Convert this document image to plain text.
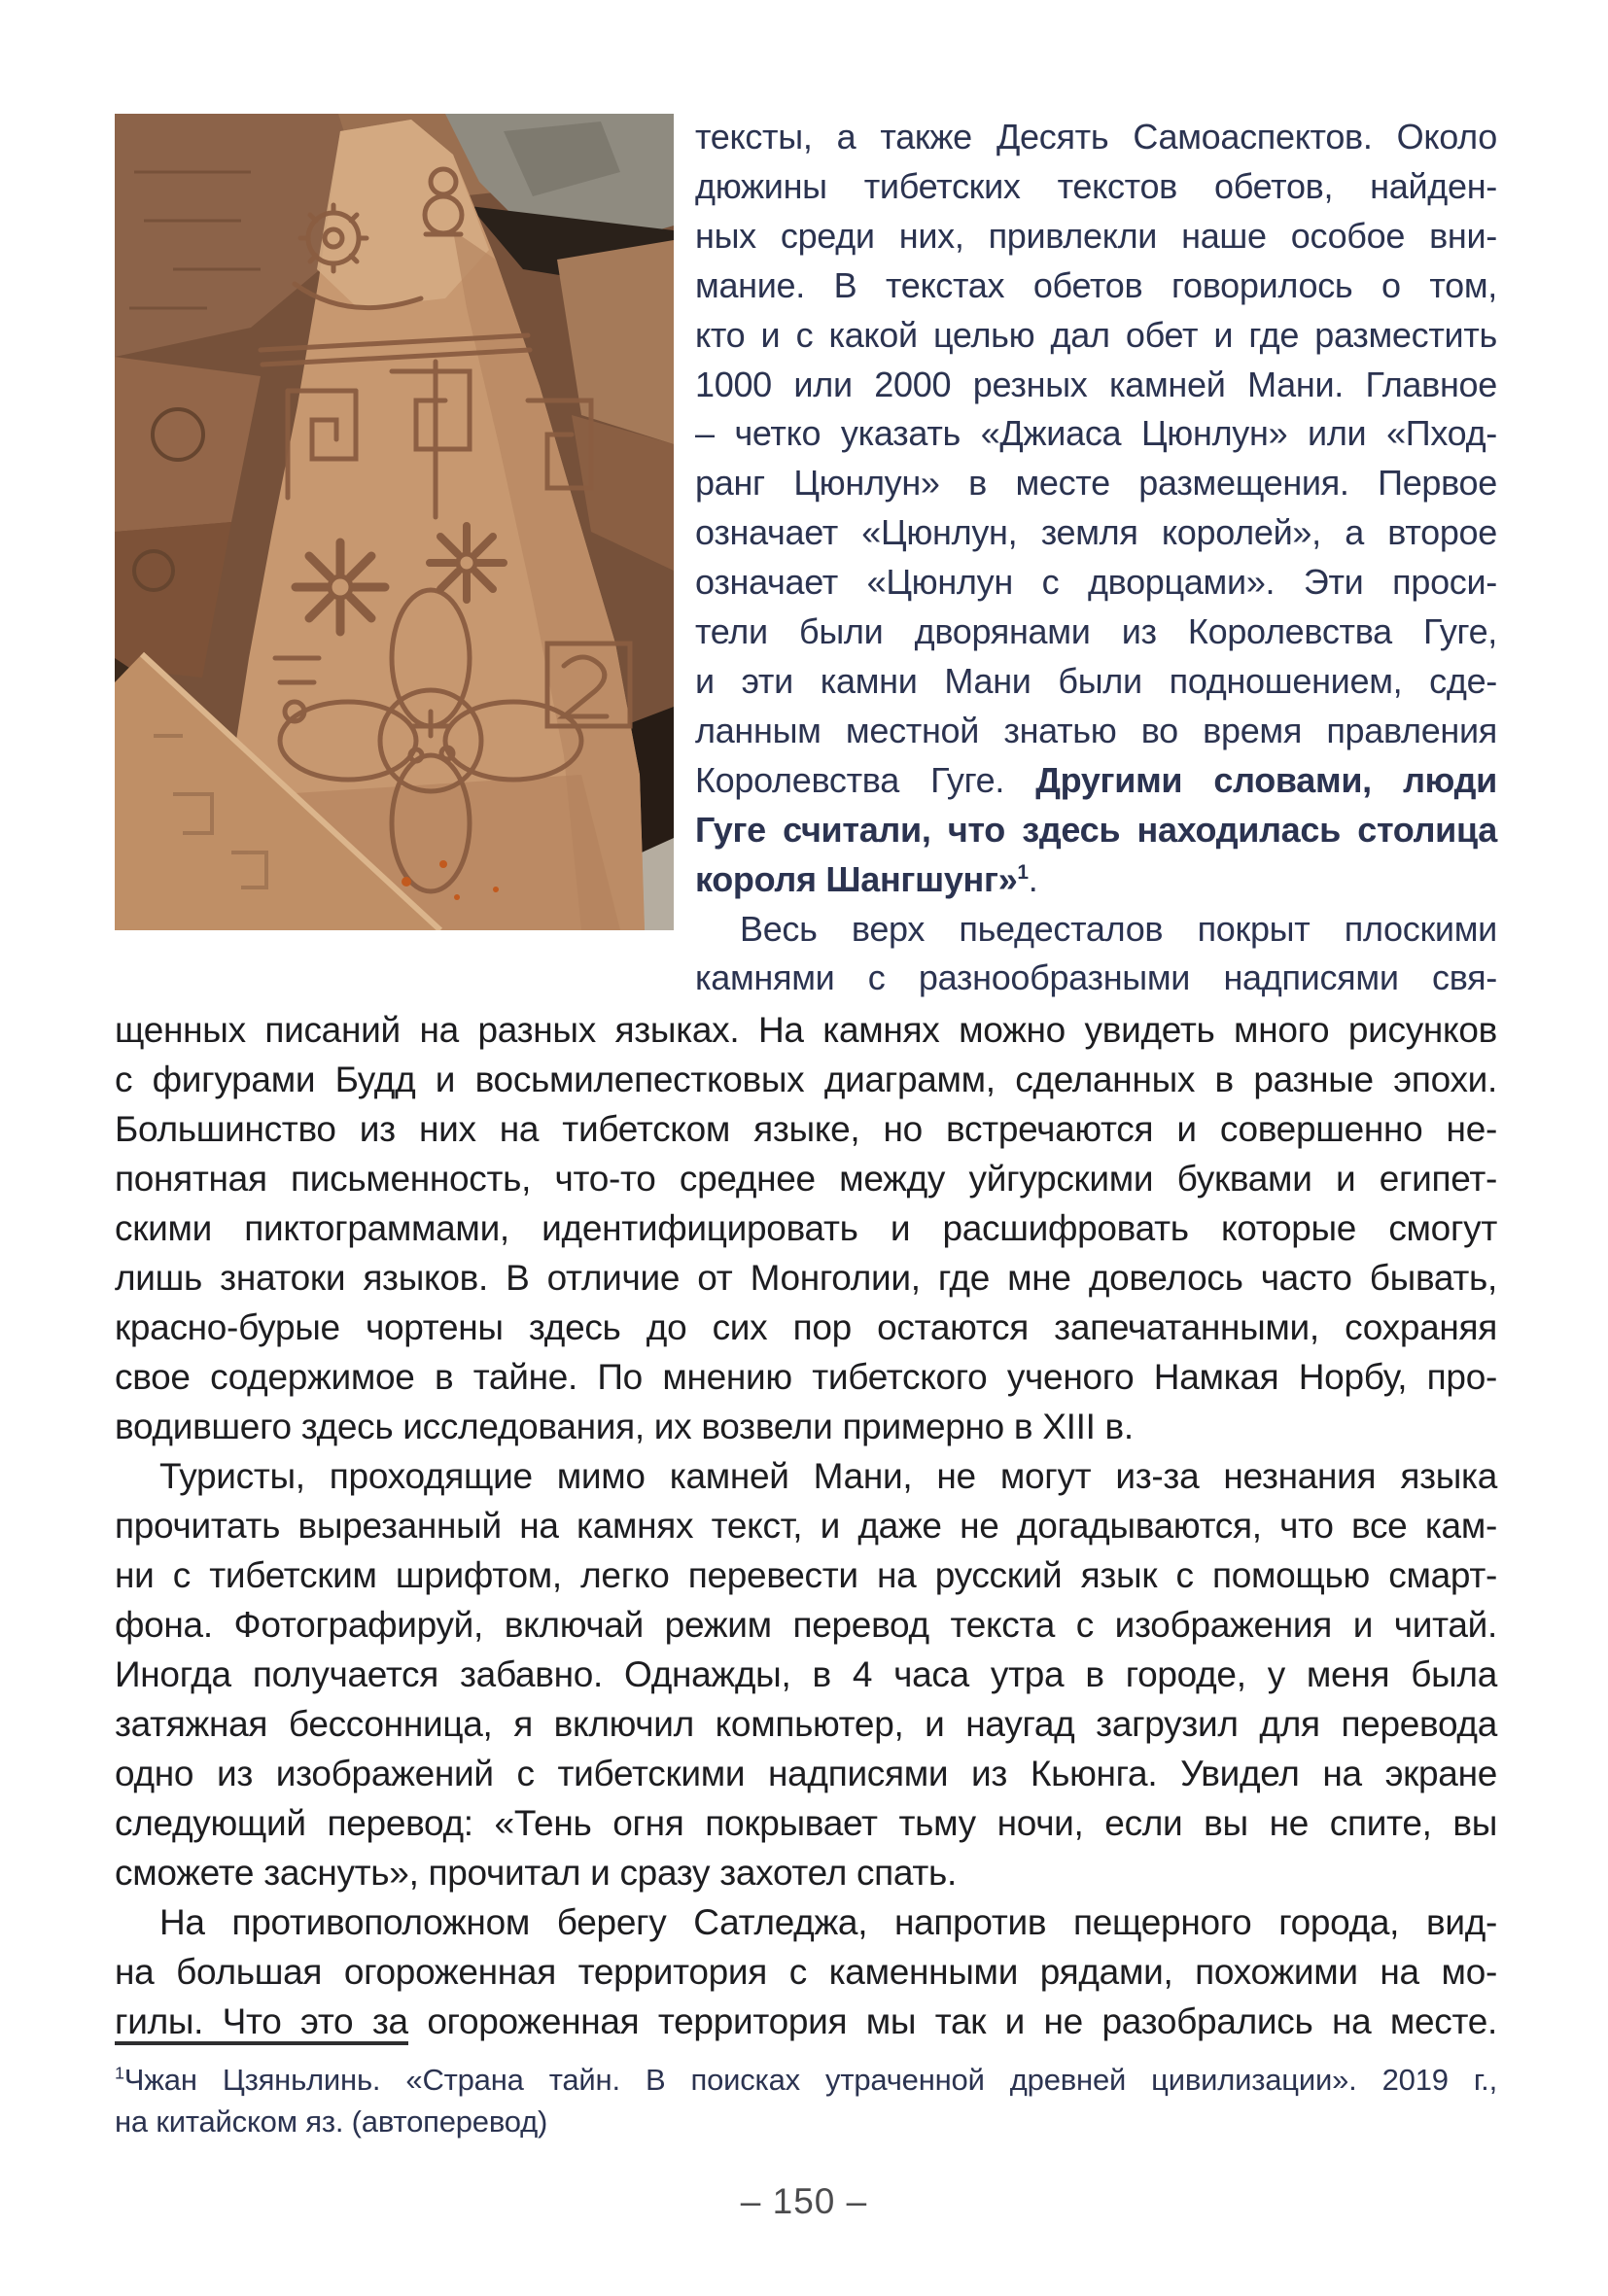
тексты, а также Десять Самоаспектов. Около
дюжины тибетских текстов обетов, найден-
ных среди них, привлекли наше особое вни-
мание. В текстах обетов говорилось о том,
кто и с какой целью дал обет и где разместить
1000 или 2000 резных камней Мани. Главное
– четко указать «Джиаса Цюнлун» или «Пход-
ранг Цюнлун» в месте размещения. Первое
означает «Цюнлун, земля королей», а второе
означает «Цюнлун с дворцами». Эти проси-
тели были дворянами из Королевства Гуге,
и эти камни Мани были подношением, сде-
ланным местной знатью во время правления
Королевства Гуге. Другими словами, люди
Гуге считали, что здесь находилась столица
короля Шангшунг»$^1$.
Весь верх пьедесталов покрыт плоскими
камнями с разнообразными надписями свя-
щенных писаний на разных языках. На камнях можно увидеть много рисунков
с фигурами Будд и восьмилепестковых диаграмм, сделанных в разные эпохи.
Большинство из них на тибетском языке, но встречаются и совершенно не-
понятная письменность, что-то среднее между уйгурскими буквами и египет-
скими пиктограммами, идентифицировать и расшифровать которые смогут
лишь знатоки языков. В отличие от Монголии, где мне довелось часто бывать,
красно-бурые чортены здесь до сих пор остаются запечатанными, сохраняя
свое содержимое в тайне. По мнению тибетского ученого Намкая Норбу, про-
водившего здесь исследования, их возвели примерно в XIII в.
Туристы, проходящие мимо камней Мани, не могут из-за незнания языка
прочитать вырезанный на камнях текст, и даже не догадываются, что все кам-
ни с тибетским шрифтом, легко перевести на русский язык с помощью смарт-
фона. Фотографируй, включай режим перевод текста с изображения и читай.
Иногда получается забавно. Однажды, в 4 часа утра в городе, у меня была
затяжная бессонница, я включил компьютер, и наугад загрузил для перевода
одно из изображений с тибетскими надписями из Кьюнга. Увидел на экране
следующий перевод: «Тень огня покрывает тьму ночи, если вы не спите, вы
сможете заснуть», прочитал и сразу захотел спать.
На противоположном берегу Сатледжа, напротив пещерного города, вид-
на большая огороженная территория с каменными рядами, похожими на мо-
гилы. Что это за огороженная территория мы так и не разобрались на месте.
$^1$Чжан Цзяньлинь. «Страна тайн. В поисках утраченной древней цивилизации». 2019 г.,
на китайском яз. (автоперевод)
– 150 –
